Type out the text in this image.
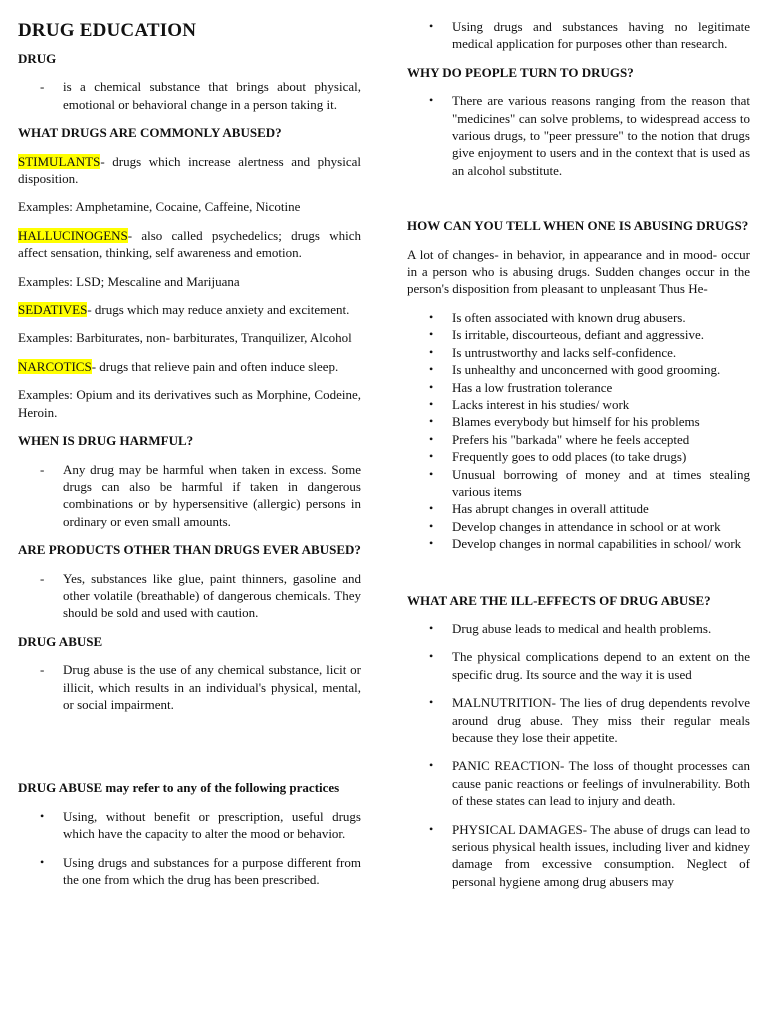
DRUG EDUCATION

DRUG

- is a chemical substance that brings about physical, emotional or behavioral change in a person taking it.

WHAT DRUGS ARE COMMONLY ABUSED?

STIMULANTS- drugs which increase alertness and physical disposition.

Examples: Amphetamine, Cocaine, Caffeine, Nicotine

HALLUCINOGENS- also called psychedelics; drugs which affect sensation, thinking, self awareness and emotion.

Examples: LSD; Mescaline and Marijuana

SEDATIVES- drugs which may reduce anxiety and excitement.

Examples: Barbiturates, non- barbiturates, Tranquilizer, Alcohol

NARCOTICS- drugs that relieve pain and often induce sleep.

Examples: Opium and its derivatives such as Morphine, Codeine, Heroin.

WHEN IS DRUG HARMFUL?

- Any drug may be harmful when taken in excess. Some drugs can also be harmful if taken in dangerous combinations or by hypersensitive (allergic) persons in ordinary or even small amounts.

ARE PRODUCTS OTHER THAN DRUGS EVER ABUSED?

- Yes, substances like glue, paint thinners, gasoline and other volatile (breathable) of dangerous chemicals. They should be sold and used with caution.

DRUG ABUSE

- Drug abuse is the use of any chemical substance, licit or illicit, which results in an individual's physical, mental, or social impairment.

DRUG ABUSE may refer to any of the following practices

• Using, without benefit or prescription, useful drugs which have the capacity to alter the mood or behavior.
• Using drugs and substances for a purpose different from the one from which the drug has been prescribed.
• Using drugs and substances having no legitimate medical application for purposes other than research.

WHY DO PEOPLE TURN TO DRUGS?

• There are various reasons ranging from the reason that "medicines" can solve problems, to widespread access to various drugs, to "peer pressure" to the notion that drugs give enjoyment to users and in the context that is used as an alcohol substitute.

HOW CAN YOU TELL WHEN ONE IS ABUSING DRUGS?

A lot of changes- in behavior, in appearance and in mood- occur in a person who is abusing drugs. Sudden changes occur in the person's disposition from pleasant to unpleasant Thus He-

• Is often associated with known drug abusers.
• Is irritable, discourteous, defiant and aggressive.
• Is untrustworthy and lacks self-confidence.
• Is unhealthy and unconcerned with good grooming.
• Has a low frustration tolerance
• Lacks interest in his studies/ work
• Blames everybody but himself for his problems
• Prefers his "barkada" where he feels accepted
• Frequently goes to odd places (to take drugs)
• Unusual borrowing of money and at times stealing various items
• Has abrupt changes in overall attitude
• Develop changes in attendance in school or at work
• Develop changes in normal capabilities in school/ work

WHAT ARE THE ILL-EFFECTS OF DRUG ABUSE?

• Drug abuse leads to medical and health problems.
• The physical complications depend to an extent on the specific drug. Its source and the way it is used
• MALNUTRITION- The lies of drug dependents revolve around drug abuse. They miss their regular meals because they lose their appetite.
• PANIC REACTION- The loss of thought processes can cause panic reactions or feelings of invulnerability. Both of these states can lead to injury and death.
• PHYSICAL DAMAGES- The abuse of drugs can lead to serious physical health issues, including liver and kidney damage from excessive consumption. Neglect of personal hygiene among drug abusers may
